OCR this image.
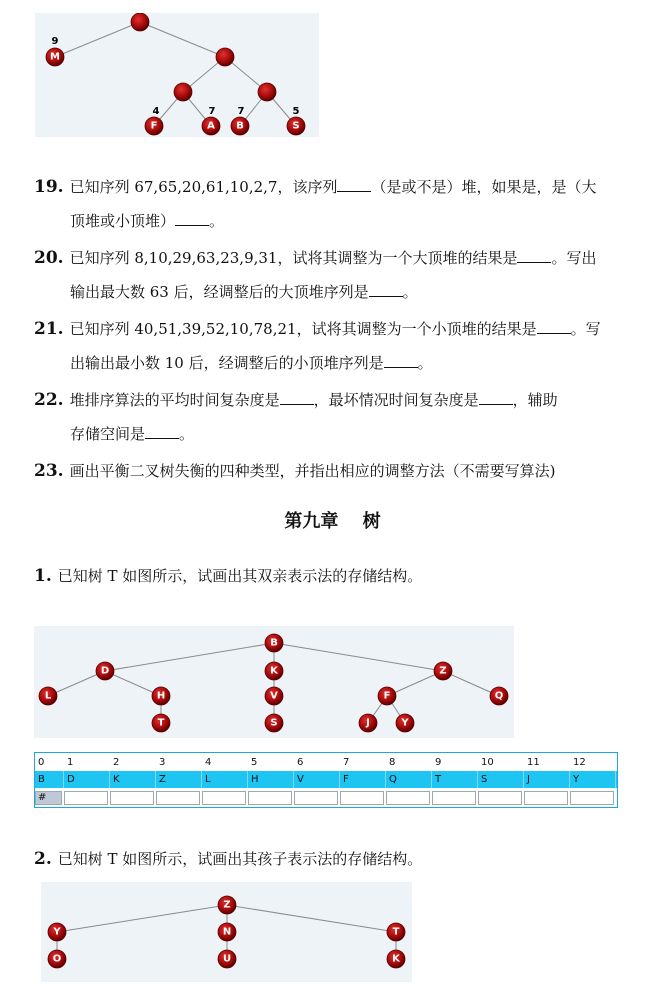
M
9
F
4
A
7
B
7
S
5
19. 已知序列 67,65,20,61,10,2,7，该序列 （是或不是）堆，如果是，是（大
顶堆或小顶堆） 。
20. 已知序列 8,10,29,63,23,9,31，试将其调整为一个大顶堆的结果是 。写出
输出最大数 63 后，经调整后的大顶堆序列是 。
21. 已知序列 40,51,39,52,10,78,21，试将其调整为一个小顶堆的结果是 。写
出输出最小数 10 后，经调整后的小顶堆序列是 。
22. 堆排序算法的平均时间复杂度是 ，最坏情况时间复杂度是 ，辅助
存储空间是 。
23. 画出平衡二叉树失衡的四种类型，并指出相应的调整方法（不需要写算法)
第九章　 树
1. 已知树 T 如图所示，试画出其双亲表示法的存储结构。
B
D	K	Z
L	H	V	F	Q
T	S	J	Y
0	1	2	3	4	5	6	7	8	9	10	11	12
B	D	K	Z	L	H	V	F	Q	T	S	J	Y
#
2. 已知树 T 如图所示，试画出其孩子表示法的存储结构。
Z
Y	N	T
O	U	K
